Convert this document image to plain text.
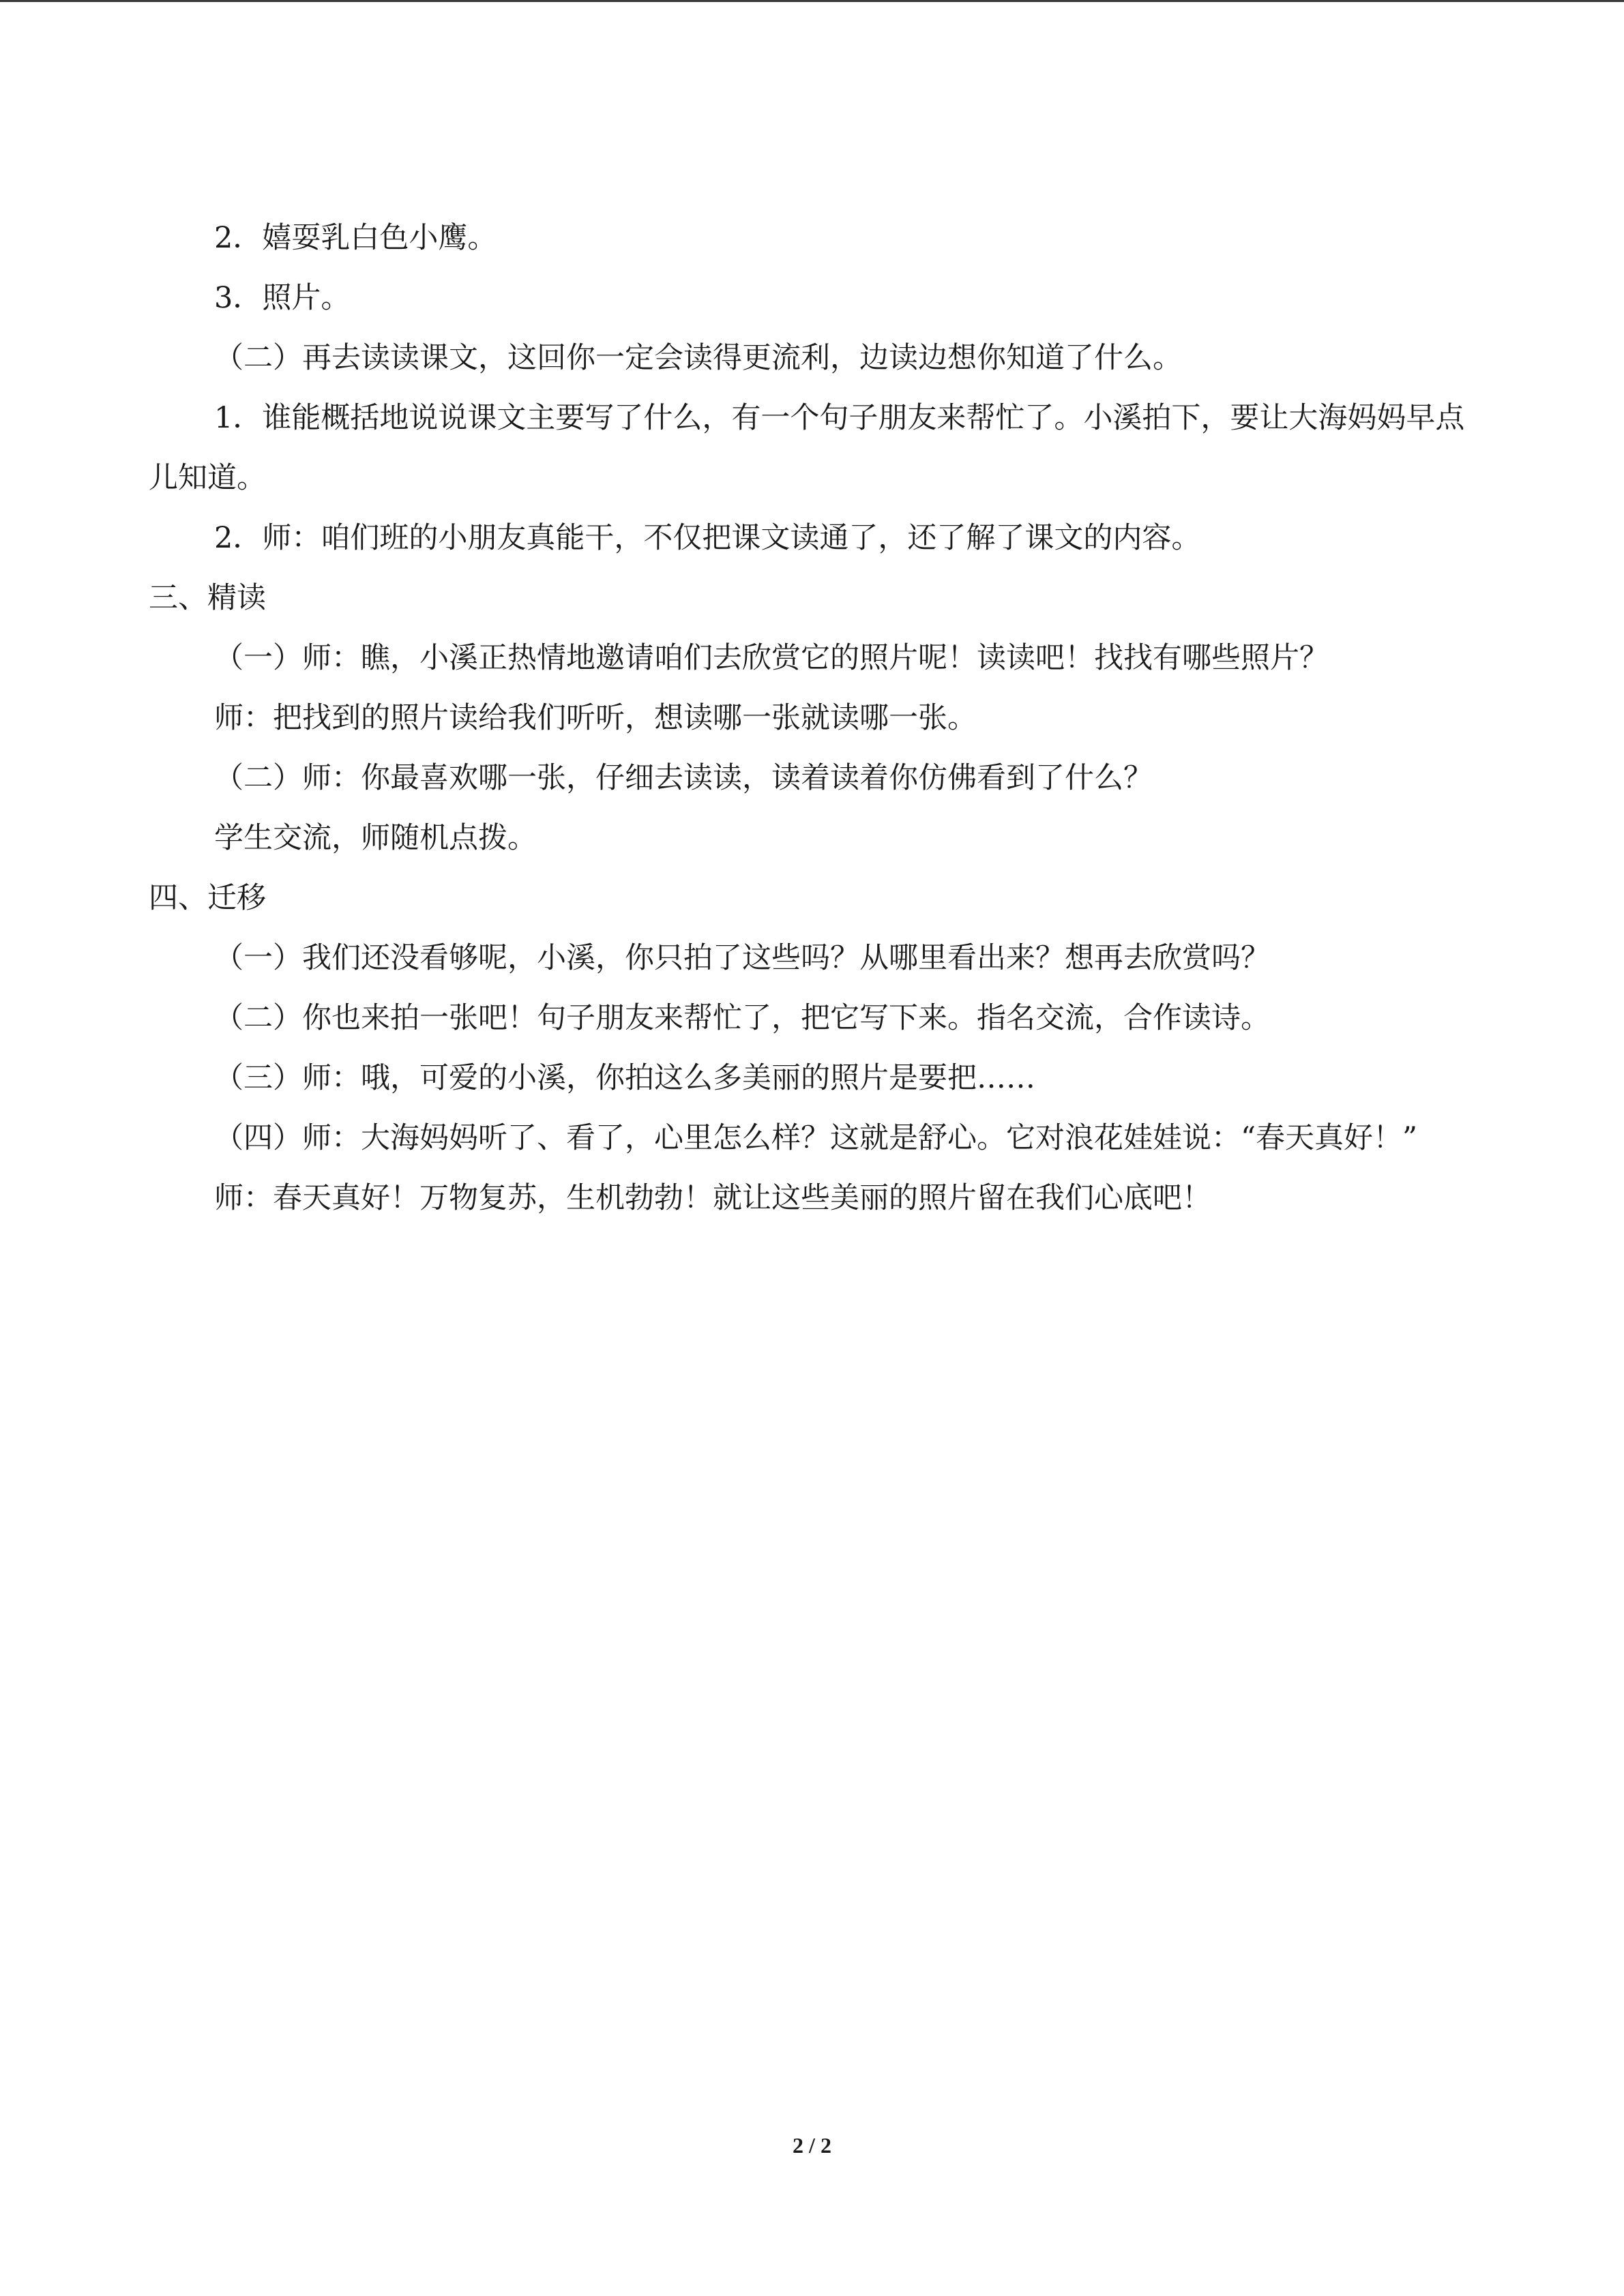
2．嬉耍乳白色小鹰。

3．照片。

（二）再去读读课文，这回你一定会读得更流利，边读边想你知道了什么。

1．谁能概括地说说课文主要写了什么，有一个句子朋友来帮忙了。小溪拍下，要让大海妈妈早点儿知道。

2．师：咱们班的小朋友真能干，不仅把课文读通了，还了解了课文的内容。

三、精读

（一）师：瞧，小溪正热情地邀请咱们去欣赏它的照片呢！读读吧！找找有哪些照片？

师：把找到的照片读给我们听听，想读哪一张就读哪一张。

（二）师：你最喜欢哪一张，仔细去读读，读着读着你仿佛看到了什么？

学生交流，师随机点拨。

四、迁移

（一）我们还没看够呢，小溪，你只拍了这些吗？从哪里看出来？想再去欣赏吗？

（二）你也来拍一张吧！句子朋友来帮忙了，把它写下来。指名交流，合作读诗。

（三）师：哦，可爱的小溪，你拍这么多美丽的照片是要把……

（四）师：大海妈妈听了、看了，心里怎么样？这就是舒心。它对浪花娃娃说：“春天真好！”

师：春天真好！万物复苏，生机勃勃！就让这些美丽的照片留在我们心底吧！

2 / 2
